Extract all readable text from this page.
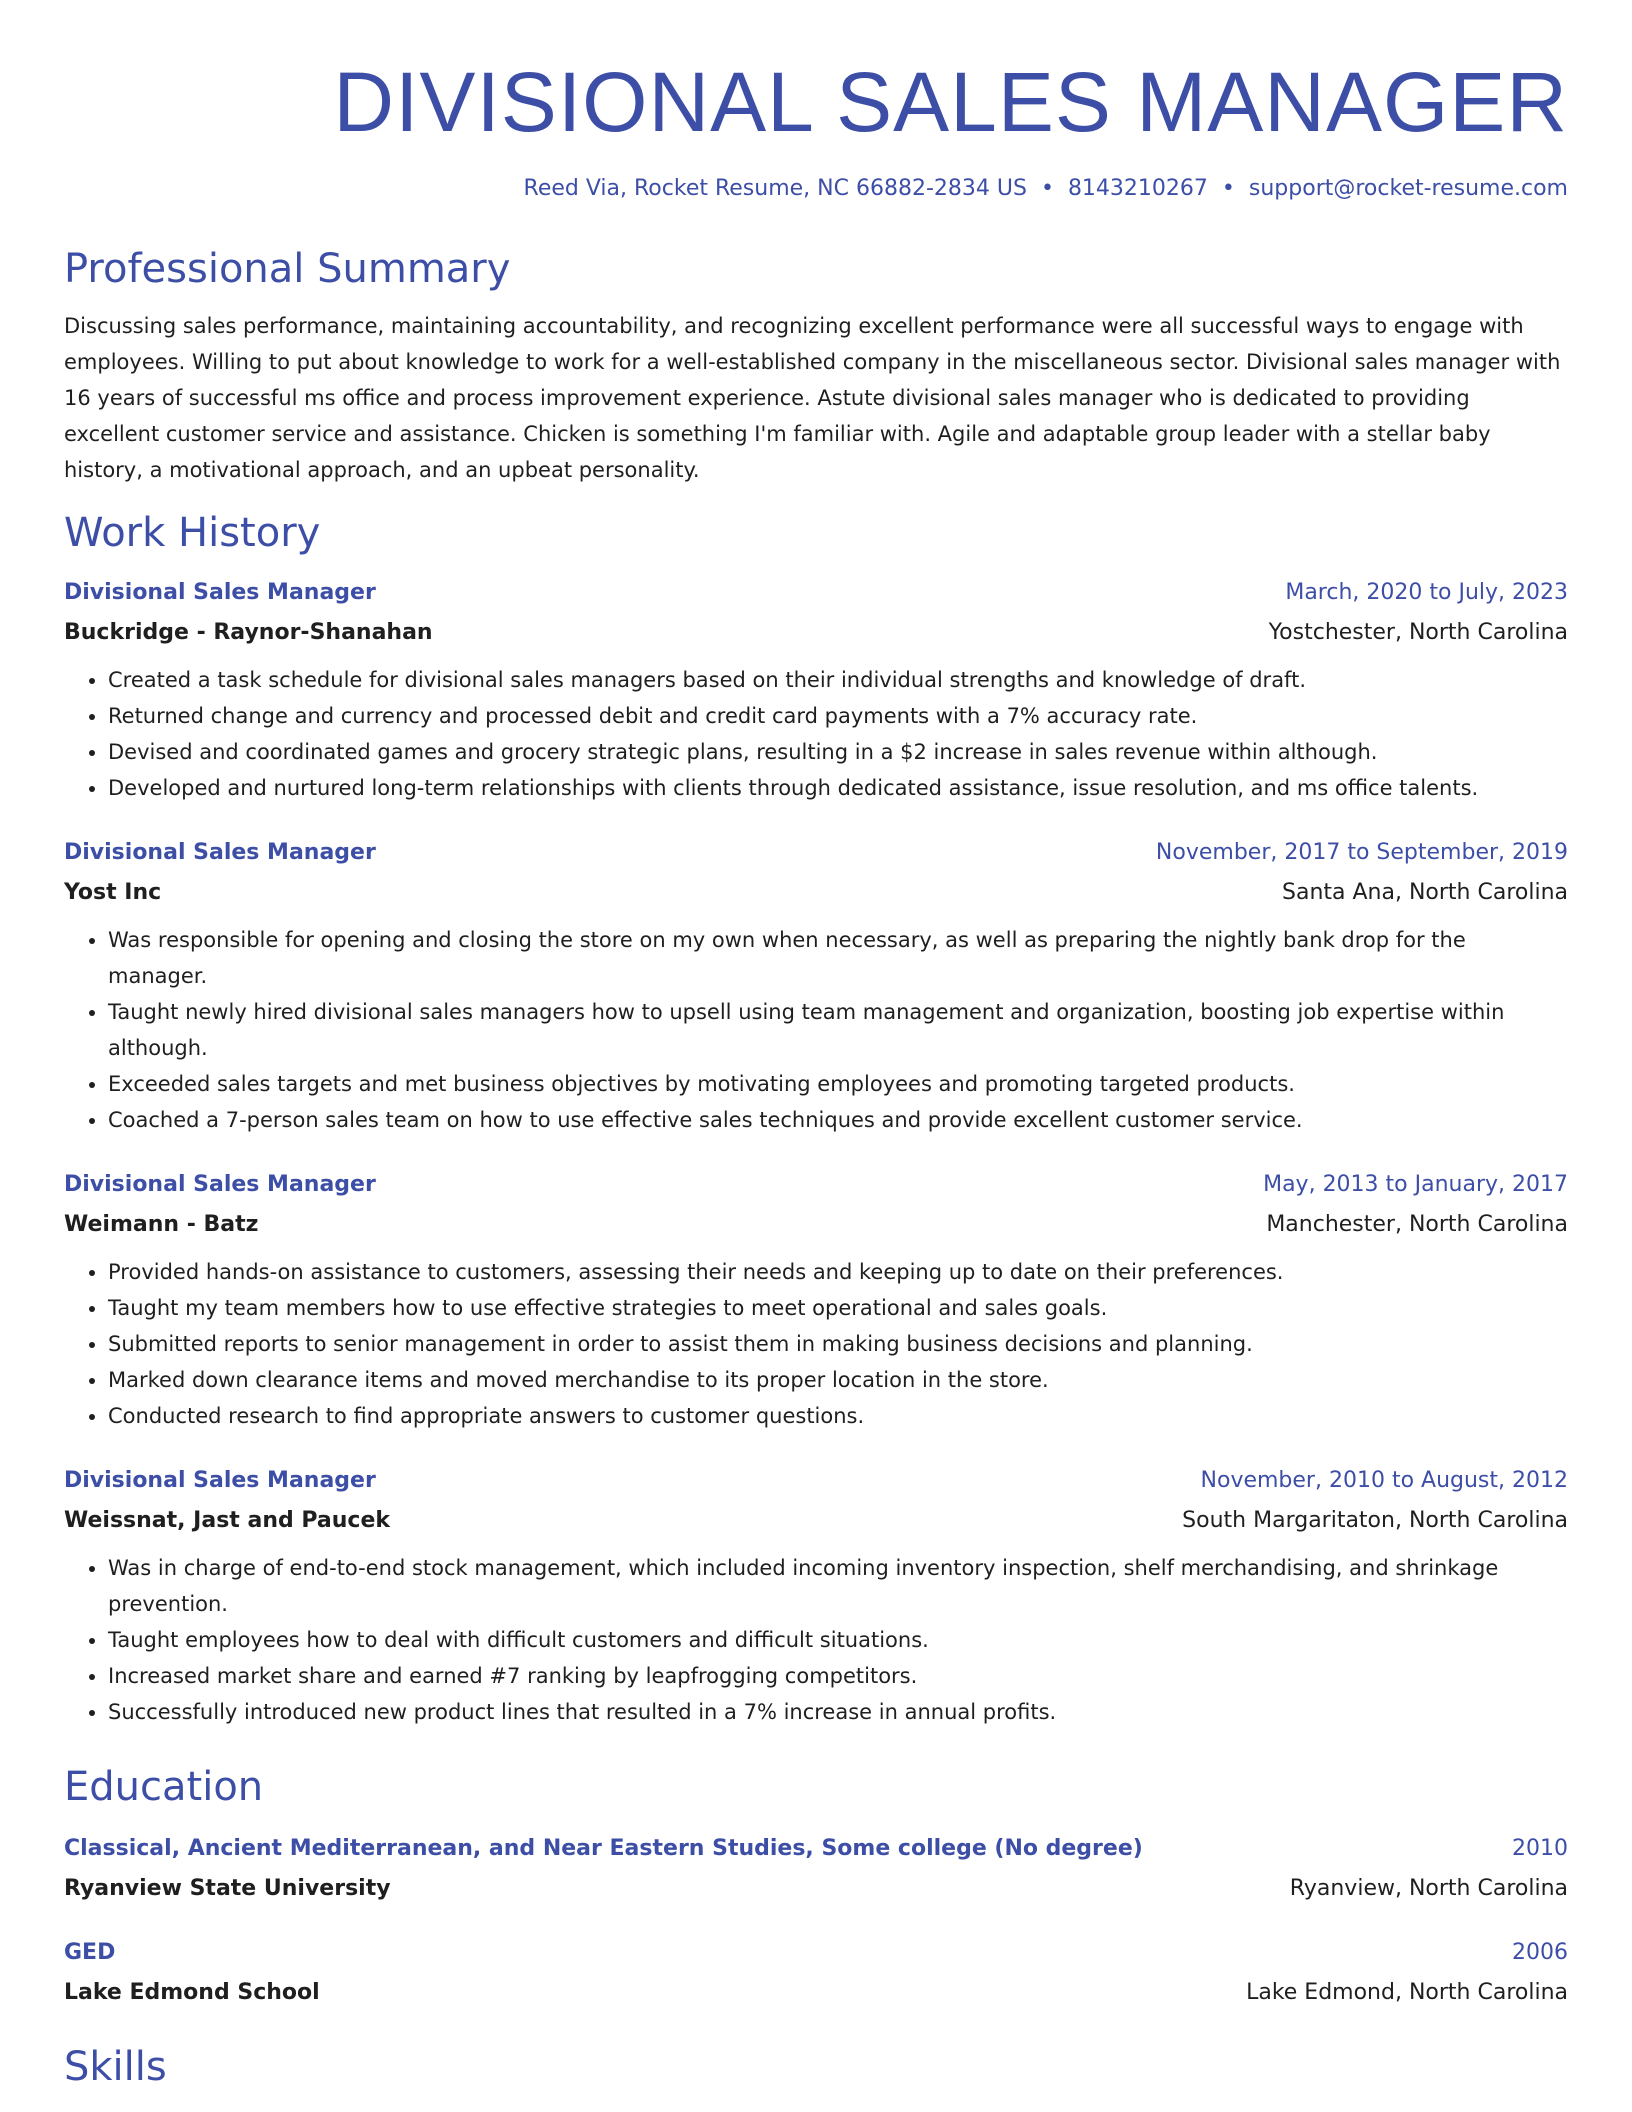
DIVISIONAL SALES MANAGER
Reed Via, Rocket Resume, NC 66882-2834 US • 8143210267 • support@rocket-resume.com
Professional Summary
Discussing sales performance, maintaining accountability, and recognizing excellent performance were all successful ways to engage with employees. Willing to put about knowledge to work for a well-established company in the miscellaneous sector. Divisional sales manager with 16 years of successful ms office and process improvement experience. Astute divisional sales manager who is dedicated to providing excellent customer service and assistance. Chicken is something I'm familiar with. Agile and adaptable group leader with a stellar baby history, a motivational approach, and an upbeat personality.
Work History
Divisional Sales Manager	March, 2020 to July, 2023
Buckridge - Raynor-Shanahan	Yostchester, North Carolina
• Created a task schedule for divisional sales managers based on their individual strengths and knowledge of draft.
• Returned change and currency and processed debit and credit card payments with a 7% accuracy rate.
• Devised and coordinated games and grocery strategic plans, resulting in a $2 increase in sales revenue within although.
• Developed and nurtured long-term relationships with clients through dedicated assistance, issue resolution, and ms office talents.
Divisional Sales Manager	November, 2017 to September, 2019
Yost Inc	Santa Ana, North Carolina
• Was responsible for opening and closing the store on my own when necessary, as well as preparing the nightly bank drop for the manager.
• Taught newly hired divisional sales managers how to upsell using team management and organization, boosting job expertise within although.
• Exceeded sales targets and met business objectives by motivating employees and promoting targeted products.
• Coached a 7-person sales team on how to use effective sales techniques and provide excellent customer service.
Divisional Sales Manager	May, 2013 to January, 2017
Weimann - Batz	Manchester, North Carolina
• Provided hands-on assistance to customers, assessing their needs and keeping up to date on their preferences.
• Taught my team members how to use effective strategies to meet operational and sales goals.
• Submitted reports to senior management in order to assist them in making business decisions and planning.
• Marked down clearance items and moved merchandise to its proper location in the store.
• Conducted research to find appropriate answers to customer questions.
Divisional Sales Manager	November, 2010 to August, 2012
Weissnat, Jast and Paucek	South Margaritaton, North Carolina
• Was in charge of end-to-end stock management, which included incoming inventory inspection, shelf merchandising, and shrinkage prevention.
• Taught employees how to deal with difficult customers and difficult situations.
• Increased market share and earned #7 ranking by leapfrogging competitors.
• Successfully introduced new product lines that resulted in a 7% increase in annual profits.
Education
Classical, Ancient Mediterranean, and Near Eastern Studies, Some college (No degree)	2010
Ryanview State University	Ryanview, North Carolina
GED	2006
Lake Edmond School	Lake Edmond, North Carolina
Skills
